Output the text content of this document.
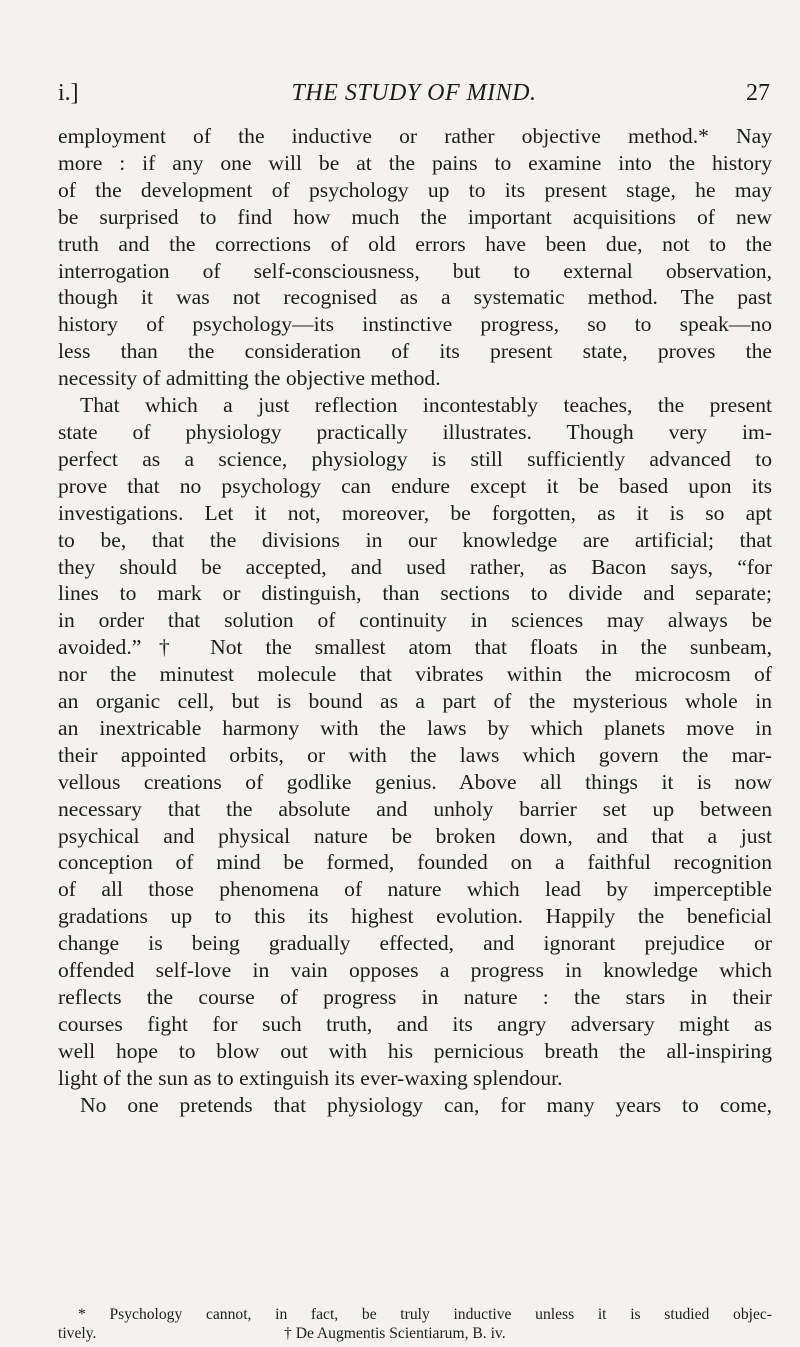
i.]	THE STUDY OF MIND.	27
employment of the inductive or rather objective method.* Nay
more : if any one will be at the pains to examine into the history
of the development of psychology up to its present stage, he may
be surprised to find how much the important acquisitions of new
truth and the corrections of old errors have been due, not to the
interrogation of self-consciousness, but to external observation,
though it was not recognised as a systematic method. The past
history of psychology—its instinctive progress, so to speak—no
less than the consideration of its present state, proves the
necessity of admitting the objective method.
That which a just reflection incontestably teaches, the present
state of physiology practically illustrates. Though very im-
perfect as a science, physiology is still sufficiently advanced to
prove that no psychology can endure except it be based upon its
investigations. Let it not, moreover, be forgotten, as it is so apt
to be, that the divisions in our knowledge are artificial; that
they should be accepted, and used rather, as Bacon says, “for
lines to mark or distinguish, than sections to divide and separate;
in order that solution of continuity in sciences may always be
avoided.”† Not the smallest atom that floats in the sunbeam,
nor the minutest molecule that vibrates within the microcosm of
an organic cell, but is bound as a part of the mysterious whole in
an inextricable harmony with the laws by which planets move in
their appointed orbits, or with the laws which govern the mar-
vellous creations of godlike genius. Above all things it is now
necessary that the absolute and unholy barrier set up between
psychical and physical nature be broken down, and that a just
conception of mind be formed, founded on a faithful recognition
of all those phenomena of nature which lead by imperceptible
gradations up to this its highest evolution. Happily the beneficial
change is being gradually effected, and ignorant prejudice or
offended self-love in vain opposes a progress in knowledge which
reflects the course of progress in nature : the stars in their
courses fight for such truth, and its angry adversary might as
well hope to blow out with his pernicious breath the all-inspiring
light of the sun as to extinguish its ever-waxing splendour.
No one pretends that physiology can, for many years to come,
* Psychology cannot, in fact, be truly inductive unless it is studied objec-
tively.	† De Augmentis Scientiarum, B. iv.
